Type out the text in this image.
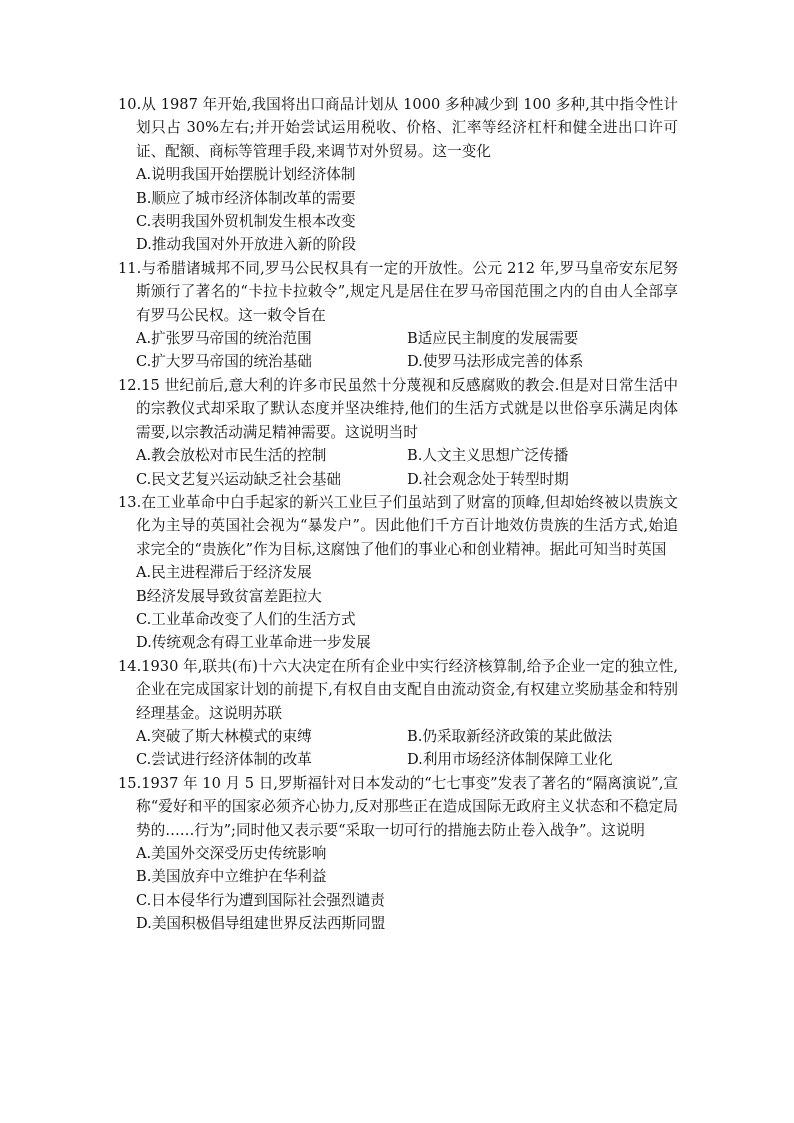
10.从 1987 年开始,我国将出口商品计划从 1000 多种减少到 100 多种,其中指令性计划只占 30%左右;并开始尝试运用税收、价格、汇率等经济杠杆和健全进出口许可证、配额、商标等管理手段,来调节对外贸易。这一变化

A.说明我国开始摆脱计划经济体制
B.顺应了城市经济体制改革的需要
C.表明我国外贸机制发生根本改变
D.推动我国对外开放进入新的阶段

11.与希腊诸城邦不同,罗马公民权具有一定的开放性。公元 212 年,罗马皇帝安东尼努斯颁行了著名的“卡拉卡拉敕令”,规定凡是居住在罗马帝国范围之内的自由人全部享有罗马公民权。这一敕令旨在

A.扩张罗马帝国的统治范围	B适应民主制度的发展需要
C.扩大罗马帝国的统治基础	D.使罗马法形成完善的体系

12.15 世纪前后,意大利的许多市民虽然十分蔑视和反感腐败的教会.但是对日常生活中的宗教仪式却采取了默认态度并坚决维持,他们的生活方式就是以世俗享乐满足肉体需要,以宗教活动满足精神需要。这说明当时

A.教会放松对市民生活的控制	B.人文主义思想广泛传播
C.民文艺复兴运动缺乏社会基础	D.社会观念处于转型时期

13.在工业革命中白手起家的新兴工业巨子们虽站到了财富的顶峰,但却始终被以贵族文化为主导的英国社会视为“暴发户”。因此他们千方百计地效仿贵族的生活方式,始追求完全的“贵族化”作为目标,这腐蚀了他们的事业心和创业精神。据此可知当时英国

A.民主进程滞后于经济发展
B经济发展导致贫富差距拉大
C.工业革命改变了人们的生活方式
D.传统观念有碍工业革命进一步发展

14.1930 年,联共(布)十六大决定在所有企业中实行经济核算制,给予企业一定的独立性,企业在完成国家计划的前提下,有权自由支配自由流动资金,有权建立奖励基金和特别经理基金。这说明苏联

A.突破了斯大林模式的束缚	B.仍采取新经济政策的某此做法
C.尝试进行经济体制的改革	D.利用市场经济体制保障工业化

15.1937 年 10 月 5 日,罗斯福针对日本发动的“七七事变”发表了著名的“隔离演说”,宣称“爱好和平的国家必须齐心协力,反对那些正在造成国际无政府主义状态和不稳定局势的……行为”;同时他又表示要“采取一切可行的措施去防止卷入战争”。这说明

A.美国外交深受历史传统影响
B.美国放弃中立维护在华利益
C.日本侵华行为遭到国际社会强烈谴责
D.美国积极倡导组建世界反法西斯同盟
